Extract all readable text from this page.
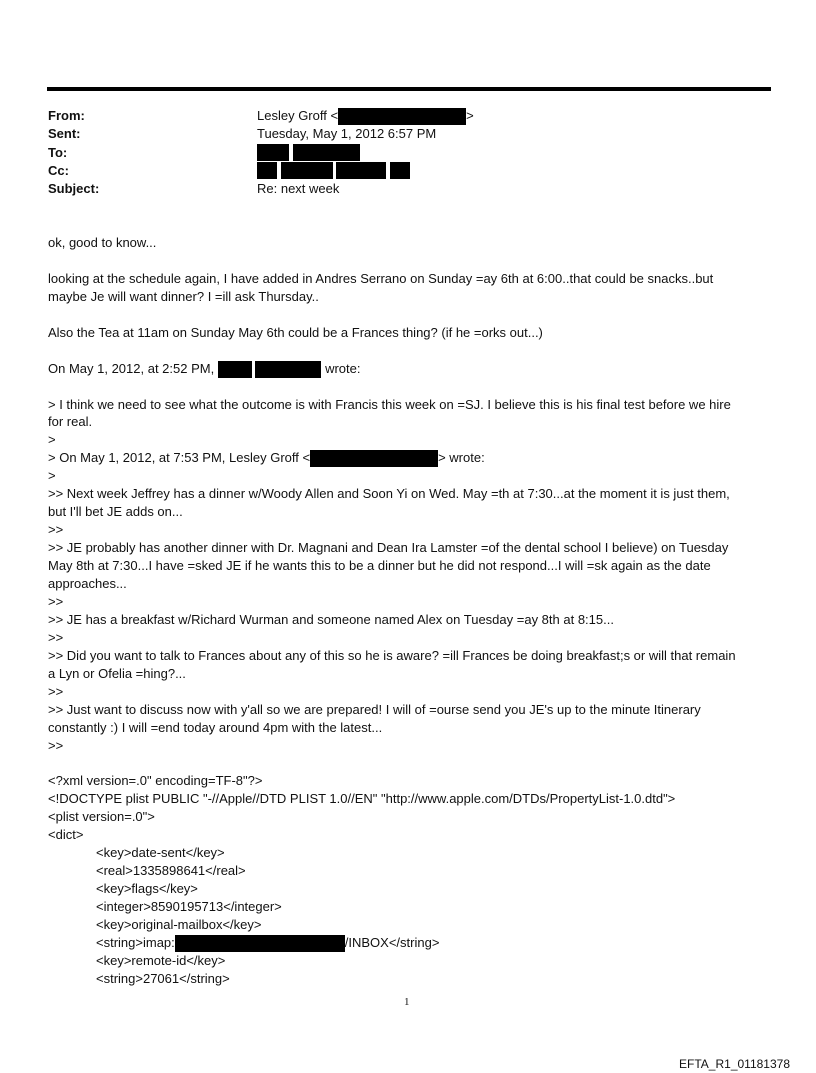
From:	Lesley Groff <	>
Sent:	Tuesday, May 1, 2012 6:57 PM
To:
Cc:
Subject:	Re: next week
ok, good to know...
looking at the schedule again, I have added in Andres Serrano on Sunday =ay 6th at 6:00..that could be snacks..but
maybe Je will want dinner? I =ill ask Thursday..
Also the Tea at 11am on Sunday May 6th could be a Frances thing? (if he =orks out...)
On May 1, 2012, at 2:52 PM,	wrote:
> I think we need to see what the outcome is with Francis this week on =SJ. I believe this is his final test before we hire
for real.
>
> On May 1, 2012, at 7:53 PM, Lesley Groff <	> wrote:
>
>> Next week Jeffrey has a dinner w/Woody Allen and Soon Yi on Wed. May =th at 7:30...at the moment it is just them,
but I'll bet JE adds on...
>>
>> JE probably has another dinner with Dr. Magnani and Dean Ira Lamster =of the dental school I believe) on Tuesday
May 8th at 7:30...I have =sked JE if he wants this to be a dinner but he did not respond...I will =sk again as the date
approaches...
>>
>> JE has a breakfast w/Richard Wurman and someone named Alex on Tuesday =ay 8th at 8:15...
>>
>> Did you want to talk to Frances about any of this so he is aware? =ill Frances be doing breakfast;s or will that remain
a Lyn or Ofelia =hing?...
>>
>> Just want to discuss now with y'all so we are prepared! I will of =ourse send you JE's up to the minute Itinerary
constantly :) I will =end today around 4pm with the latest...
>>
<?xml version=.0" encoding=TF-8"?>
<!DOCTYPE plist PUBLIC "-//Apple//DTD PLIST 1.0//EN" "http://www.apple.com/DTDs/PropertyList-1.0.dtd">
<plist version=.0">
<dict>
<key>date-sent</key>
<real>1335898641</real>
<key>flags</key>
<integer>8590195713</integer>
<key>original-mailbox</key>
<string>imap:	/INBOX</string>
<key>remote-id</key>
<string>27061</string>
1
EFTA_R1_01181378
